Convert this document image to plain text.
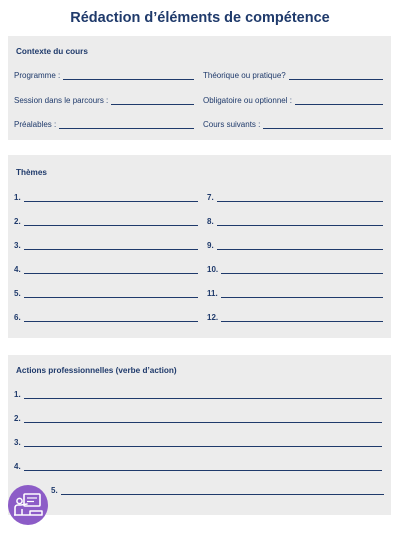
Rédaction d’éléments de compétence
Contexte du cours
Programme :	Théorique ou pratique?
Session dans le parcours :	Obligatoire ou optionnel :
Préalables :	Cours suivants :
Thèmes
1.
2.
3.
4.
5.
6.
7.
8.
9.
10.
11.
12.
Actions professionnelles (verbe d’action)
1.
2.
3.
4.
5.
